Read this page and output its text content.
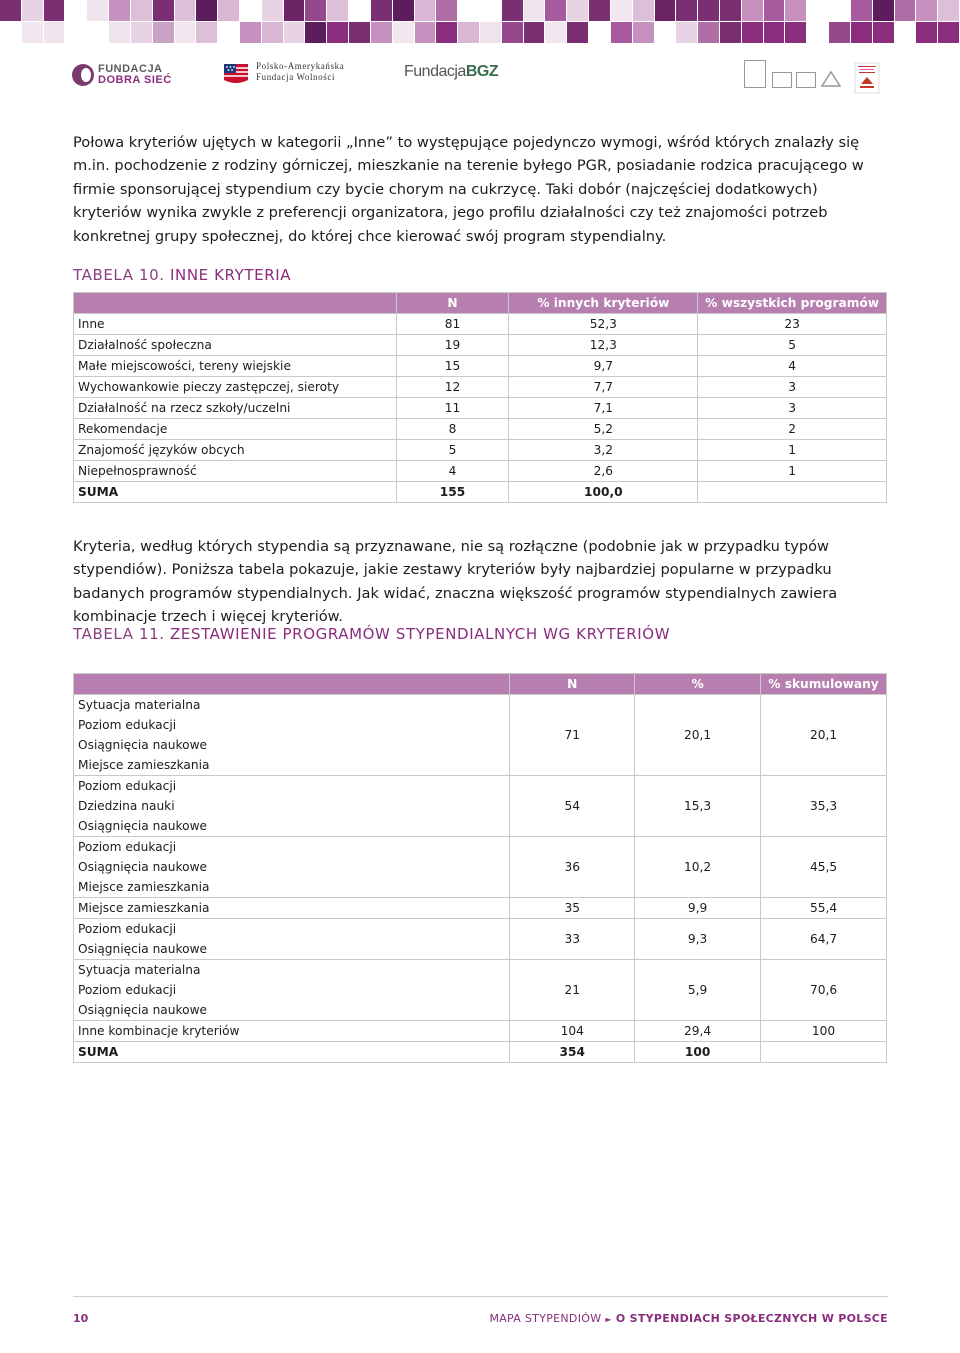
FUNDACJA
DOBRA SIEĆ
Polsko-Amerykańska
Fundacja Wolności	FundacjaBGZ
Połowa kryteriów ujętych w kategorii „Inne” to występujące pojedynczo wymogi, wśród których znalazły się m.in. pochodzenie z rodziny górniczej, mieszkanie na terenie byłego PGR, posiadanie rodzica pracującego w firmie sponsorującej stypendium czy bycie chorym na cukrzycę. Taki dobór (najczęściej dodatkowych) kryteriów wynika zwykle z preferencji organizatora, jego profilu działalności czy też znajomości potrzeb konkretnej grupy społecznej, do której chce kierować swój program stypendialny.
TABELA 10. INNE KRYTERIA
	N	% innych kryteriów	% wszystkich programów
Inne	81	52,3	23
Działalność społeczna	19	12,3	5
Małe miejscowości, tereny wiejskie	15	9,7	4
Wychowankowie pieczy zastępczej, sieroty	12	7,7	3
Działalność na rzecz szkoły/uczelni	11	7,1	3
Rekomendacje	8	5,2	2
Znajomość języków obcych	5	3,2	1
Niepełnosprawność	4	2,6	1
SUMA	155	100,0	
Kryteria, według których stypendia są przyznawane, nie są rozłączne (podobnie jak w przypadku typów stypendiów). Poniższa tabela pokazuje, jakie zestawy kryteriów były najbardziej popularne w przypadku badanych programów stypendialnych. Jak widać, znaczna większość programów stypendialnych zawiera kombinacje trzech i więcej kryteriów.
TABELA 11. ZESTAWIENIE PROGRAMÓW STYPENDIALNYCH WG KRYTERIÓW
	N	%	% skumulowany

Sytuacja materialna
Poziom edukacji
Osiągnięcia naukowe
Miejsce zamieszkania	71	20,1	20,1

Poziom edukacji
Dziedzina nauki
Osiągnięcia naukowe	54	15,3	35,3

Poziom edukacji
Osiągnięcia naukowe
Miejsce zamieszkania	36	10,2	45,5

Miejsce zamieszkania	35	9,9	55,4

Poziom edukacji
Osiągnięcia naukowe	33	9,3	64,7

Sytuacja materialna
Poziom edukacji
Osiągnięcia naukowe	21	5,9	70,6

Inne kombinacje kryteriów	104	29,4	100
SUMA	354	100	
10	MAPA STYPENDIÓW ► O STYPENDIACH SPOŁECZNYCH W POLSCE
